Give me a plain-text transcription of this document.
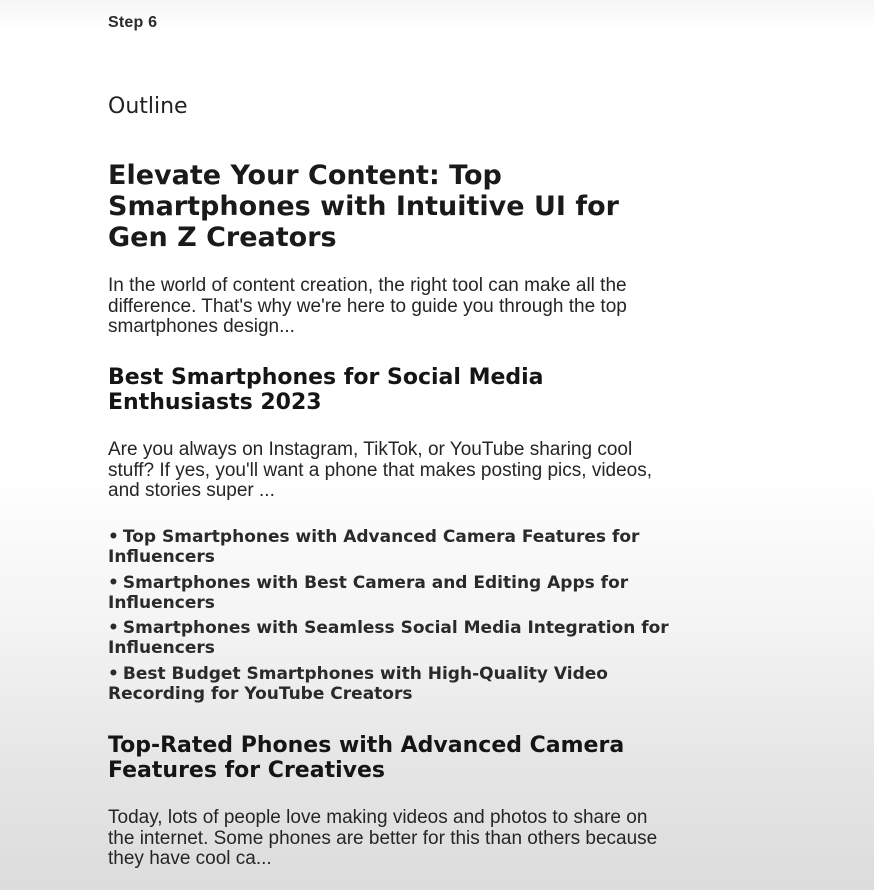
Step 6
Outline
Elevate Your Content: Top Smartphones with Intuitive UI for Gen Z Creators

In the world of content creation, the right tool can make all the difference. That's why we're here to guide you through the top smartphones design...

Best Smartphones for Social Media Enthusiasts 2023

Are you always on Instagram, TikTok, or YouTube sharing cool stuff? If yes, you'll want a phone that makes posting pics, videos, and stories super ...

• Top Smartphones with Advanced Camera Features for Influencers
• Smartphones with Best Camera and Editing Apps for Influencers
• Smartphones with Seamless Social Media Integration for Influencers
• Best Budget Smartphones with High-Quality Video Recording for YouTube Creators
Top-Rated Phones with Advanced Camera Features for Creatives

Today, lots of people love making videos and photos to share on the internet. Some phones are better for this than others because they have cool ca...
